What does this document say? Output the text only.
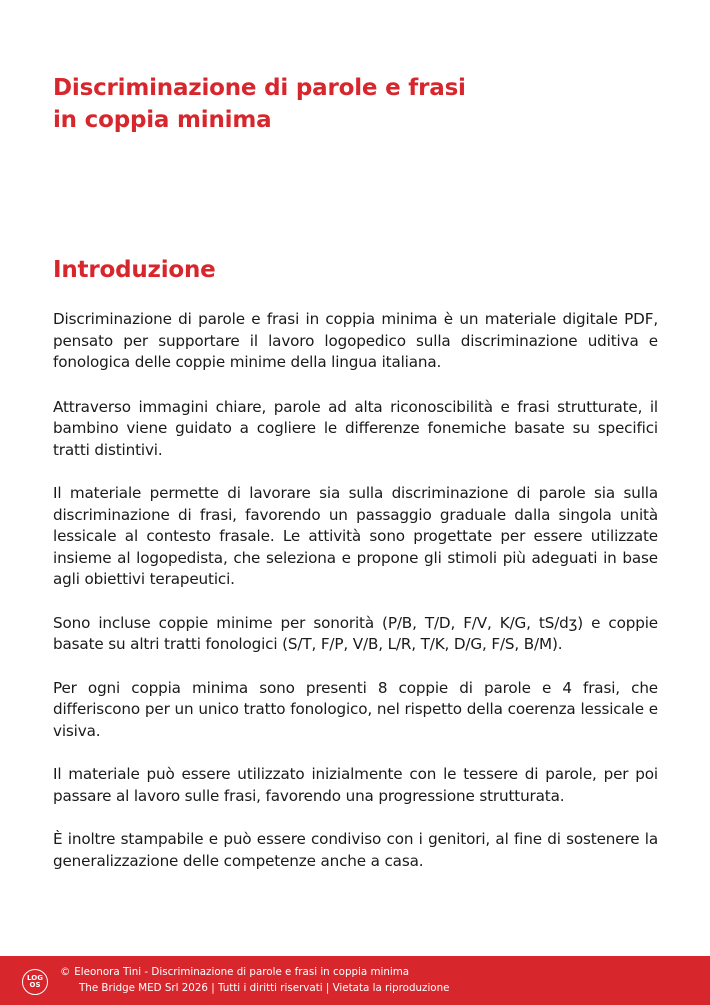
Discriminazione di parole e frasi
in coppia minima
Introduzione

Discriminazione di parole e frasi in coppia minima è un materiale digitale PDF, pensato per supportare il lavoro logopedico sulla discriminazione uditiva e fonologica delle coppie minime della lingua italiana.

Attraverso immagini chiare, parole ad alta riconoscibilità e frasi strutturate, il bambino viene guidato a cogliere le differenze fonemiche basate su specifici tratti distintivi.

Il materiale permette di lavorare sia sulla discriminazione di parole sia sulla discriminazione di frasi, favorendo un passaggio graduale dalla singola unità lessicale al contesto frasale. Le attività sono progettate per essere utilizzate insieme al logopedista, che seleziona e propone gli stimoli più adeguati in base agli obiettivi terapeutici.

Sono incluse coppie minime per sonorità (P/B, T/D, F/V, K/G, tS/dʒ) e coppie basate su altri tratti fonologici (S/T, F/P, V/B, L/R, T/K, D/G, F/S, B/M).

Per ogni coppia minima sono presenti 8 coppie di parole e 4 frasi, che differiscono per un unico tratto fonologico, nel rispetto della coerenza lessicale e visiva.

Il materiale può essere utilizzato inizialmente con le tessere di parole, per poi passare al lavoro sulle frasi, favorendo una progressione strutturata.

È inoltre stampabile e può essere condiviso con i genitori, al fine di sostenere la generalizzazione delle competenze anche a casa.

LOG
OS
© Eleonora Tini - Discriminazione di parole e frasi in coppia minima
The Bridge MED Srl 2026 | Tutti i diritti riservati | Vietata la riproduzione
